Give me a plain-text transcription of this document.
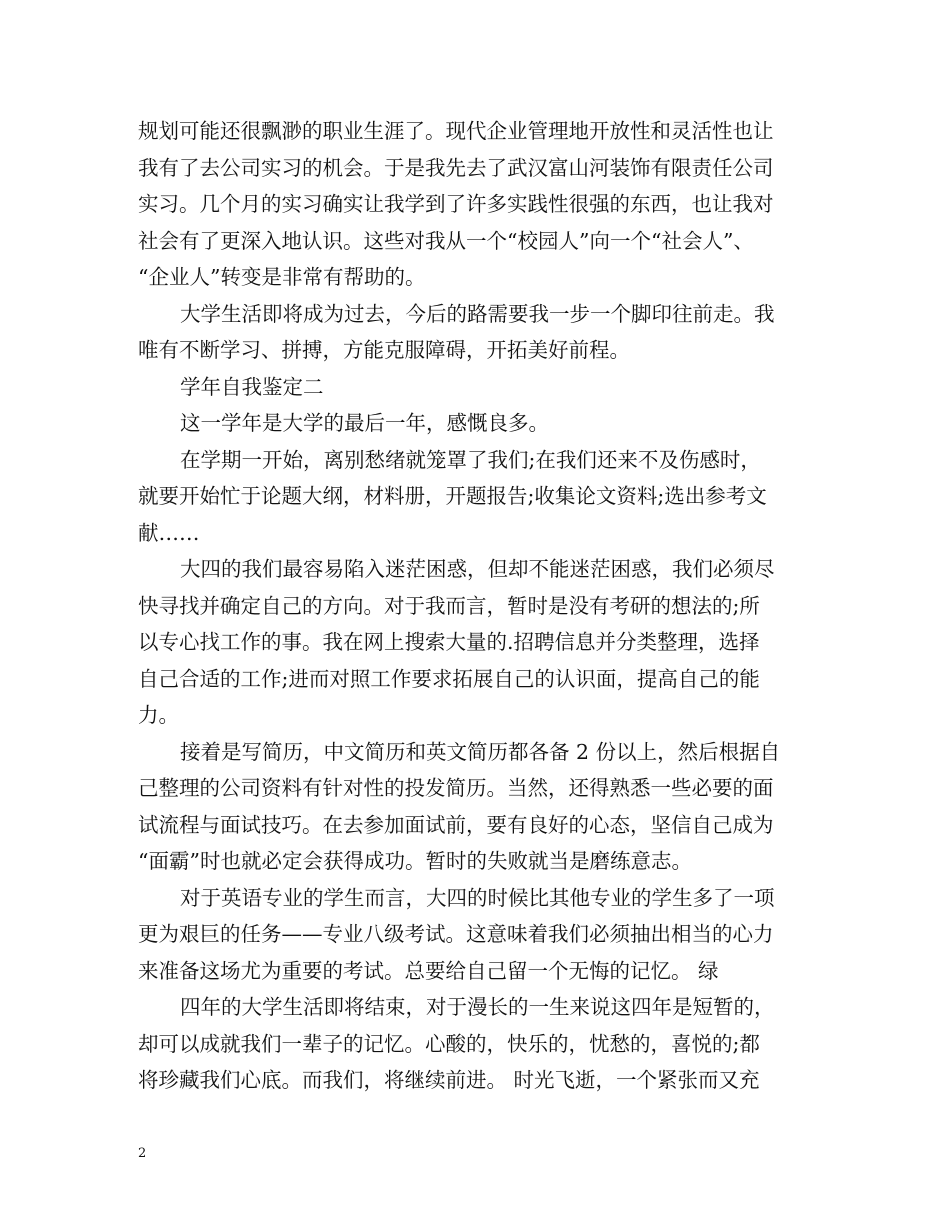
规划可能还很飘渺的职业生涯了。现代企业管理地开放性和灵活性也让
我有了去公司实习的机会。于是我先去了武汉富山河装饰有限责任公司
实习。几个月的实习确实让我学到了许多实践性很强的东西，也让我对
社会有了更深入地认识。这些对我从一个“校园人”向一个“社会人”、
“企业人”转变是非常有帮助的。
大学生活即将成为过去，今后的路需要我一步一个脚印往前走。我
唯有不断学习、拼搏，方能克服障碍，开拓美好前程。
学年自我鉴定二
这一学年是大学的最后一年，感慨良多。
在学期一开始，离别愁绪就笼罩了我们;在我们还来不及伤感时，
就要开始忙于论题大纲，材料册，开题报告;收集论文资料;选出参考文
献……
大四的我们最容易陷入迷茫困惑，但却不能迷茫困惑，我们必须尽
快寻找并确定自己的方向。对于我而言，暂时是没有考研的想法的;所
以专心找工作的事。我在网上搜索大量的.招聘信息并分类整理，选择
自己合适的工作;进而对照工作要求拓展自己的认识面，提高自己的能
力。
接着是写简历，中文简历和英文简历都各备 2 份以上，然后根据自
己整理的公司资料有针对性的投发简历。当然，还得熟悉一些必要的面
试流程与面试技巧。在去参加面试前，要有良好的心态，坚信自己成为
“面霸”时也就必定会获得成功。暂时的失败就当是磨练意志。
对于英语专业的学生而言，大四的时候比其他专业的学生多了一项
更为艰巨的任务——专业八级考试。这意味着我们必须抽出相当的心力
来准备这场尤为重要的考试。总要给自己留一个无悔的记忆。 绿
四年的大学生活即将结束，对于漫长的一生来说这四年是短暂的，
却可以成就我们一辈子的记忆。心酸的，快乐的，忧愁的，喜悦的;都
将珍藏我们心底。而我们，将继续前进。 时光飞逝，一个紧张而又充
2
